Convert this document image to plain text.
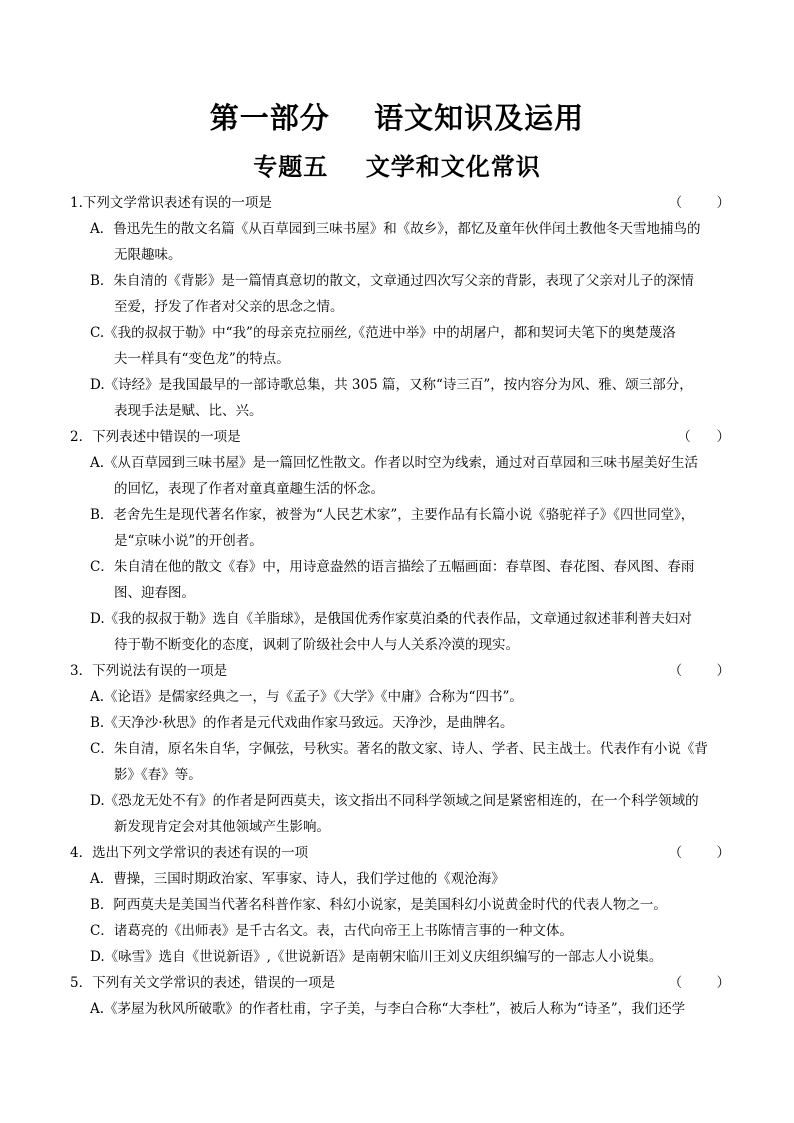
第一部分    语文知识及运用
专题五    文学和文化常识
1.下列文学常识表述有误的一项是	（        ）
A．鲁迅先生的散文名篇《从百草园到三味书屋》和《故乡》，都忆及童年伙伴闰土教他冬天雪地捕鸟的
无限趣味。
B．朱自清的《背影》是一篇情真意切的散文，文章通过四次写父亲的背影，表现了父亲对儿子的深情
至爱，抒发了作者对父亲的思念之情。
C.《我的叔叔于勒》中“我”的母亲克拉丽丝,《范进中举》中的胡屠户，都和契诃夫笔下的奥楚蔑洛
夫一样具有“变色龙”的特点。
D.《诗经》是我国最早的一部诗歌总集，共 305 篇，又称“诗三百”，按内容分为风、雅、颂三部分，
表现手法是赋、比、兴。
2．下列表述中错误的一项是	（      ）
A.《从百草园到三味书屋》是一篇回忆性散文。作者以时空为线索，通过对百草园和三味书屋美好生活
的回忆，表现了作者对童真童趣生活的怀念。
B．老舍先生是现代著名作家，被誉为“人民艺术家”，主要作品有长篇小说《骆驼祥子》《四世同堂》，
是“京味小说”的开创者。
C．朱自清在他的散文《春》中，用诗意盎然的语言描绘了五幅画面：春草图、春花图、春风图、春雨
图、迎春图。
D.《我的叔叔于勒》选自《羊脂球》，是俄国优秀作家莫泊桑的代表作品，文章通过叙述菲利普夫妇对
待于勒不断变化的态度，讽刺了阶级社会中人与人关系冷漠的现实。
3．下列说法有误的一项是	（        ）
A.《论语》是儒家经典之一，与《孟子》《大学》《中庸》合称为“四书”。
B.《天净沙·秋思》的作者是元代戏曲作家马致远。天净沙，是曲牌名。
C．朱自清，原名朱自华，字佩弦，号秋实。著名的散文家、诗人、学者、民主战士。代表作有小说《背
影》《春》等。
D.《恐龙无处不有》的作者是阿西莫夫，该文指出不同科学领域之间是紧密相连的，在一个科学领域的
新发现肯定会对其他领域产生影响。
4．选出下列文学常识的表述有误的一项	（        ）
A．曹操，三国时期政治家、军事家、诗人，我们学过他的《观沧海》
B．阿西莫夫是美国当代著名科普作家、科幻小说家，是美国科幻小说黄金时代的代表人物之一。
C．诸葛亮的《出师表》是千古名文。表，古代向帝王上书陈情言事的一种文体。
D.《咏雪》选自《世说新语》,《世说新语》是南朝宋临川王刘义庆组织编写的一部志人小说集。
5．下列有关文学常识的表述，错误的一项是	（        ）
A.《茅屋为秋风所破歌》的作者杜甫，字子美，与李白合称“大李杜”，被后人称为“诗圣”，我们还学
